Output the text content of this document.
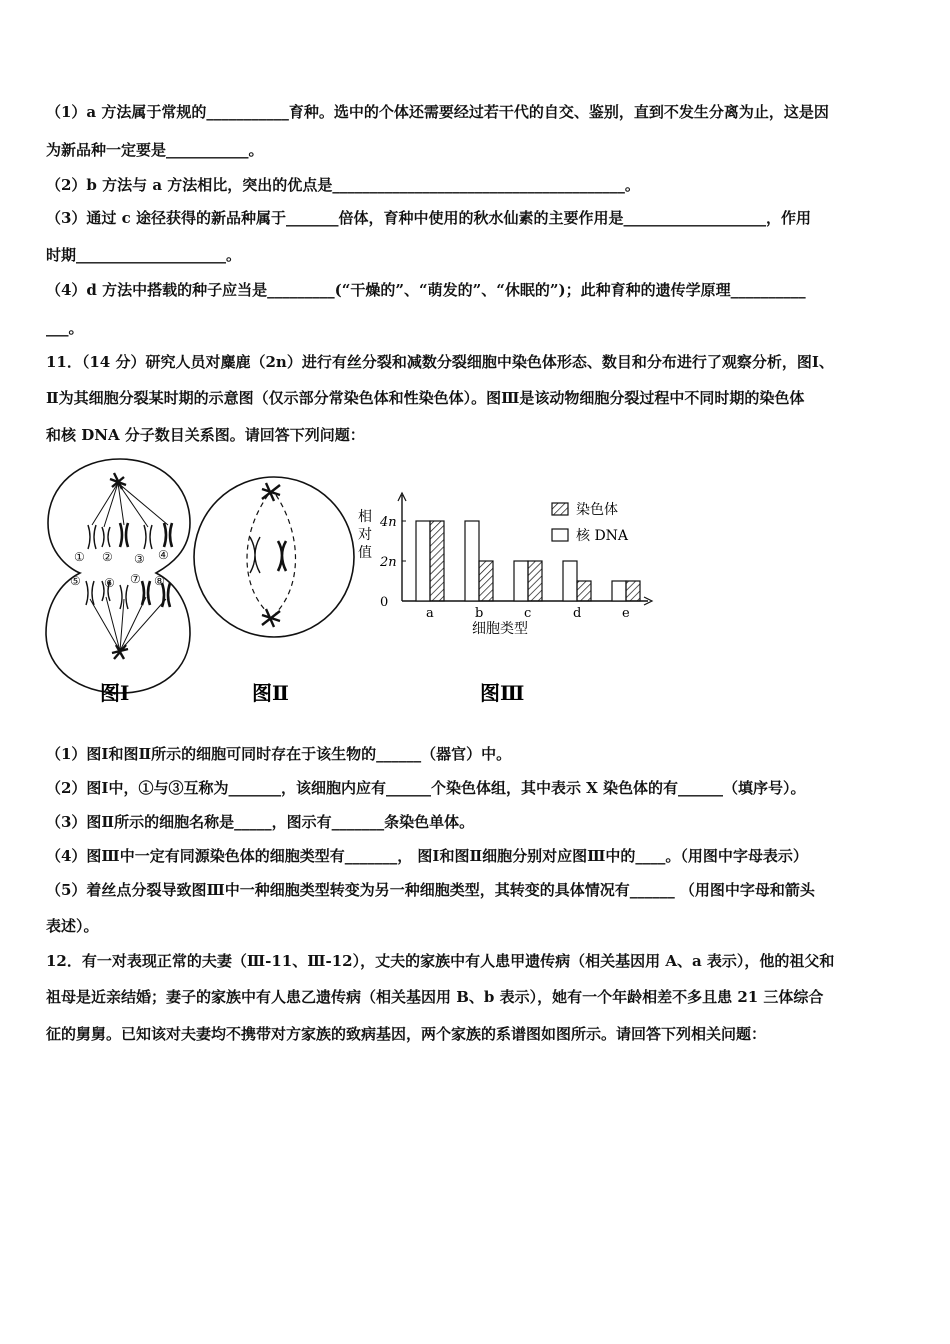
（1）a 方法属于常规的___________育种。选中的个体还需要经过若干代的自交、鉴别，直到不发生分离为止，这是因
为新品种一定要是___________。
（2）b 方法与 a 方法相比，突出的优点是_______________________________________。
（3）通过 c 途径获得的新品种属于_______倍体，育种中使用的秋水仙素的主要作用是___________________，作用
时期____________________。
（4）d 方法中搭载的种子应当是_________(“干燥的”、“萌发的”、“休眠的”)；此种育种的遗传学原理__________
___。
11．（14 分）研究人员对麋鹿（2n）进行有丝分裂和减数分裂细胞中染色体形态、数目和分布进行了观察分析，图Ⅰ、
Ⅱ为其细胞分裂某时期的示意图（仅示部分常染色体和性染色体）。图Ⅲ是该动物细胞分裂过程中不同时期的染色体
和核 DNA 分子数目关系图。请回答下列问题：
① ② ③ ④
⑤ ⑥ ⑦ ⑧
图Ⅰ	图Ⅱ
0
2n
4n
相
对
值
a	b	c	d	e
细胞类型
染色体
核 DNA
图Ⅲ
（1）图Ⅰ和图Ⅱ所示的细胞可同时存在于该生物的______（器官）中。
（2）图Ⅰ中，①与③互称为_______，该细胞内应有______个染色体组，其中表示 X 染色体的有______（填序号）。
（3）图Ⅱ所示的细胞名称是_____，图示有_______条染色单体。
（4）图Ⅲ中一定有同源染色体的细胞类型有_______， 图Ⅰ和图Ⅱ细胞分别对应图Ⅲ中的____。（用图中字母表示）
（5）着丝点分裂导致图Ⅲ中一种细胞类型转变为另一种细胞类型，其转变的具体情况有______ （用图中字母和箭头
表述）。
12．有一对表现正常的夫妻（Ⅲ-11、Ⅲ-12），丈夫的家族中有人患甲遗传病（相关基因用 A、a 表示），他的祖父和
祖母是近亲结婚；妻子的家族中有人患乙遗传病（相关基因用 B、b 表示），她有一个年龄相差不多且患 21 三体综合
征的舅舅。已知该对夫妻均不携带对方家族的致病基因，两个家族的系谱图如图所示。请回答下列相关问题：
